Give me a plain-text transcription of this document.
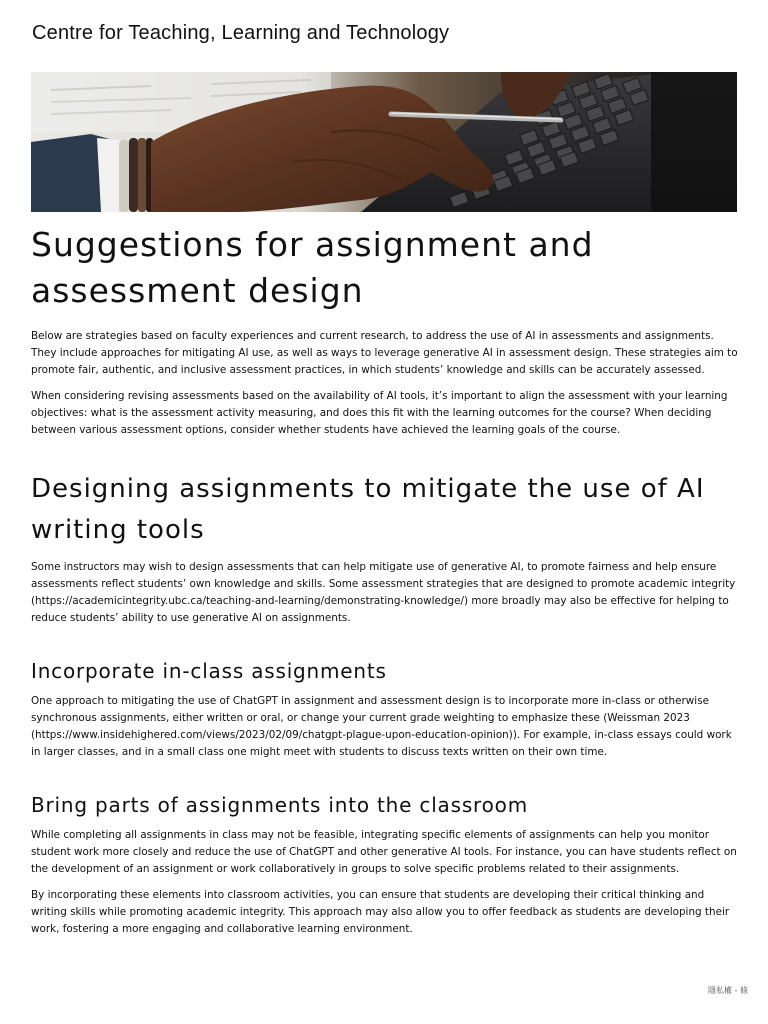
Centre for Teaching, Learning and Technology
Suggestions for assignment and assessment design

Below are strategies based on faculty experiences and current research, to address the use of AI in assessments and assignments. They include approaches for mitigating AI use, as well as ways to leverage generative AI in assessment design. These strategies aim to promote fair, authentic, and inclusive assessment practices, in which students’ knowledge and skills can be accurately assessed.

When considering revising assessments based on the availability of AI tools, it’s important to align the assessment with your learning objectives: what is the assessment activity measuring, and does this fit with the learning outcomes for the course? When deciding between various assessment options, consider whether students have achieved the learning goals of the course.

Designing assignments to mitigate the use of AI writing tools

Some instructors may wish to design assessments that can help mitigate use of generative AI, to promote fairness and help ensure assessments reflect students’ own knowledge and skills. Some assessment strategies that are designed to promote academic integrity (https://academicintegrity.ubc.ca/teaching-and-learning/demonstrating-knowledge/) more broadly may also be effective for helping to reduce students’ ability to use generative AI on assignments.

Incorporate in-class assignments

One approach to mitigating the use of ChatGPT in assignment and assessment design is to incorporate more in-class or otherwise synchronous assignments, either written or oral, or change your current grade weighting to emphasize these (Weissman 2023 (https://www.insidehighered.com/views/2023/02/09/chatgpt-plague-upon-education-opinion)). For example, in-class essays could work in larger classes, and in a small class one might meet with students to discuss texts written on their own time.

Bring parts of assignments into the classroom

While completing all assignments in class may not be feasible, integrating specific elements of assignments can help you monitor student work more closely and reduce the use of ChatGPT and other generative AI tools. For instance, you can have students reflect on the development of an assignment or work collaboratively in groups to solve specific problems related to their assignments.

By incorporating these elements into classroom activities, you can ensure that students are developing their critical thinking and writing skills while promoting academic integrity. This approach may also allow you to offer feedback as students are developing their work, fostering a more engaging and collaborative learning environment.

隱私權 - 條
